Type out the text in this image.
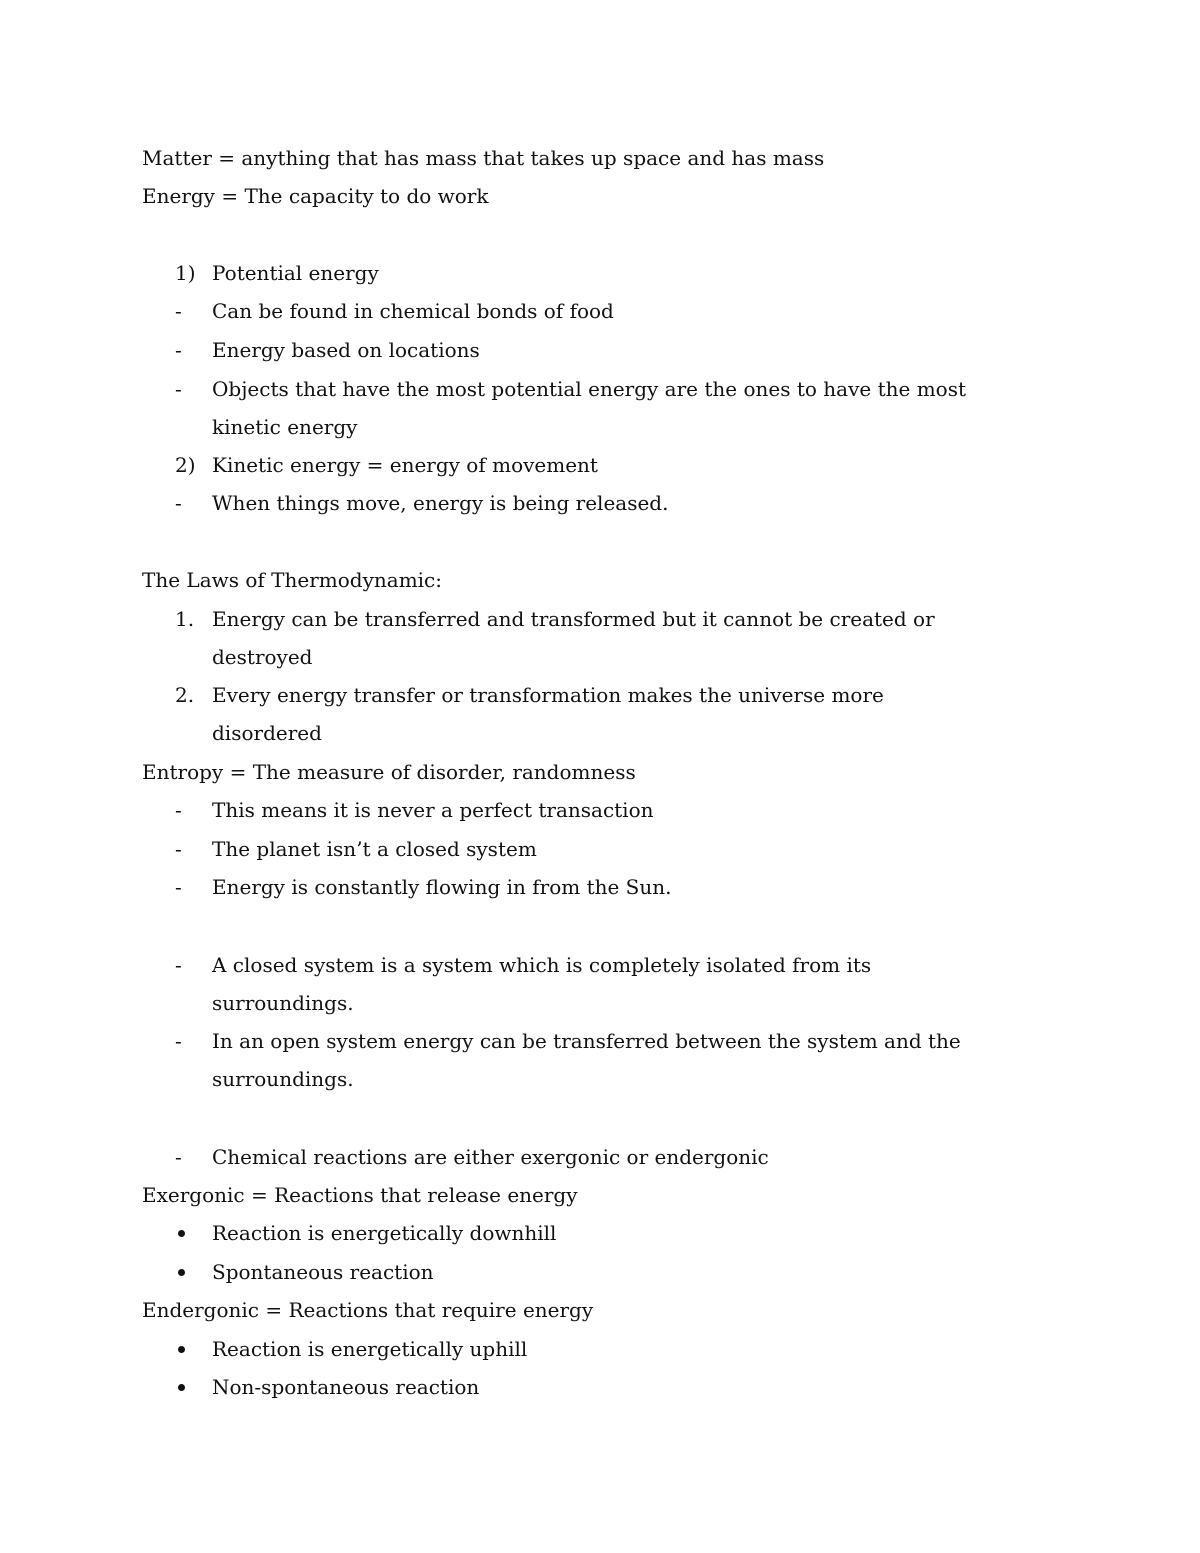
Matter = anything that has mass that takes up space and has mass
Energy = The capacity to do work
1) Potential energy
- Can be found in chemical bonds of food
- Energy based on locations
- Objects that have the most potential energy are the ones to have the most
kinetic energy
2) Kinetic energy = energy of movement
- When things move, energy is being released.
The Laws of Thermodynamic:
1. Energy can be transferred and transformed but it cannot be created or
destroyed
2. Every energy transfer or transformation makes the universe more
disordered
Entropy = The measure of disorder, randomness
- This means it is never a perfect transaction
- The planet isn’t a closed system
- Energy is constantly flowing in from the Sun.
- A closed system is a system which is completely isolated from its
surroundings.
- In an open system energy can be transferred between the system and the
surroundings.
- Chemical reactions are either exergonic or endergonic
Exergonic = Reactions that release energy
Reaction is energetically downhill
Spontaneous reaction
Endergonic = Reactions that require energy
Reaction is energetically uphill
Non-spontaneous reaction
